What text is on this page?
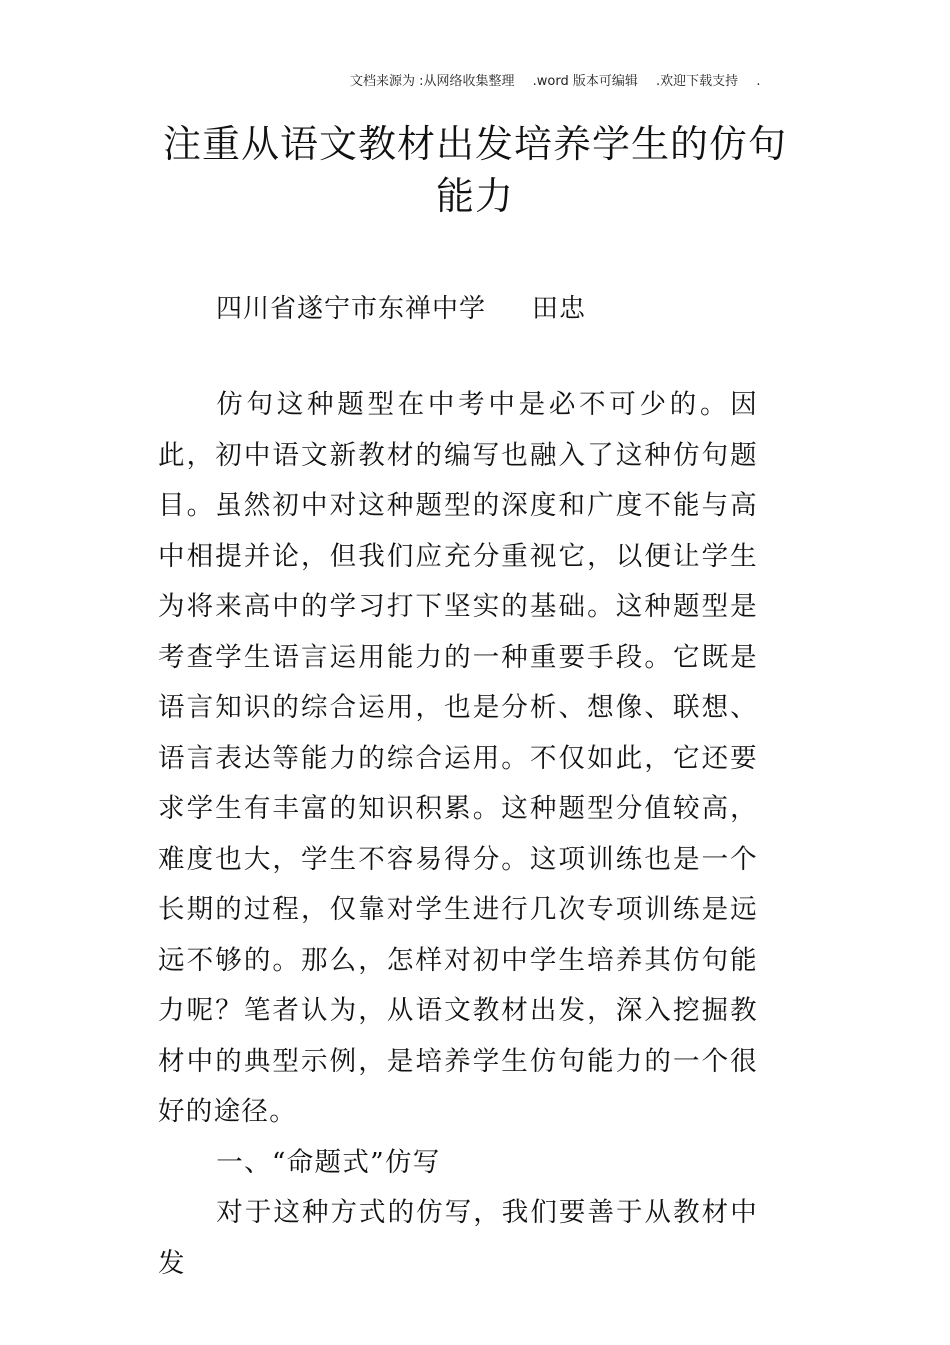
文档来源为 :从网络收集整理 .word 版本可编辑 .欢迎下载支持 .
注重从语文教材出发培养学生的仿句
能力
四川省遂宁市东禅中学 田忠

仿句这种题型在中考中是必不可少的。因此，初中语文新教材的编写也融入了这种仿句题目。虽然初中对这种题型的深度和广度不能与高中相提并论，但我们应充分重视它，以便让学生为将来高中的学习打下坚实的基础。这种题型是考查学生语言运用能力的一种重要手段。它既是语言知识的综合运用，也是分析、想像、联想、语言表达等能力的综合运用。不仅如此，它还要求学生有丰富的知识积累。这种题型分值较高，难度也大，学生不容易得分。这项训练也是一个长期的过程，仅靠对学生进行几次专项训练是远远不够的。那么，怎样对初中学生培养其仿句能力呢？笔者认为，从语文教材出发，深入挖掘教材中的典型示例，是培养学生仿句能力的一个很好的途径。

一、“命题式”仿写

对于这种方式的仿写，我们要善于从教材中发
